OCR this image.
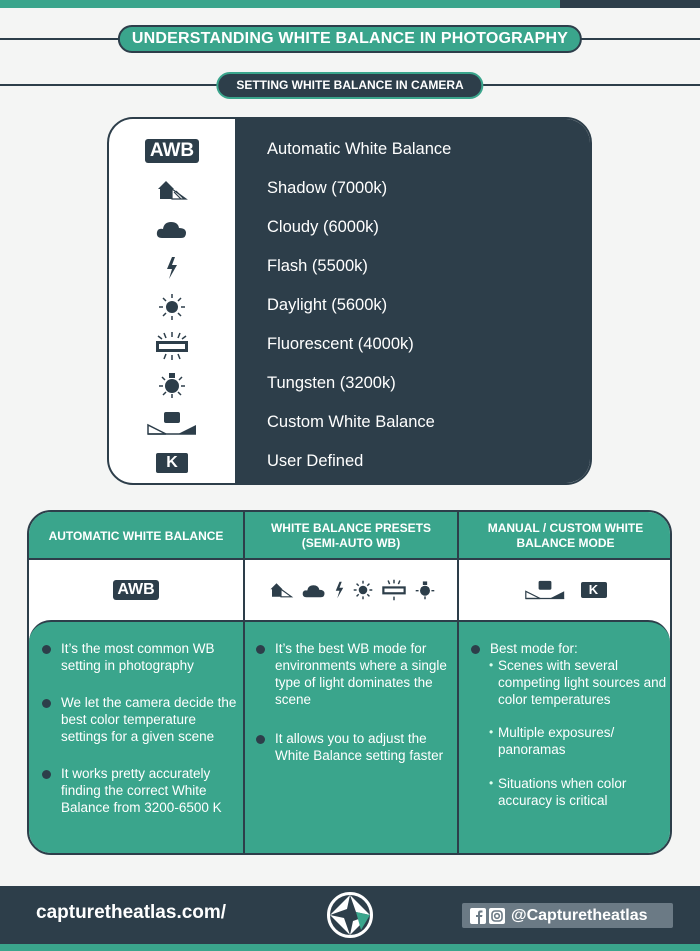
UNDERSTANDING WHITE BALANCE IN PHOTOGRAPHY
SETTING WHITE BALANCE IN CAMERA
AWB	Automatic White Balance
Shadow (7000k)
Cloudy (6000k)
Flash (5500k)
Daylight (5600k)
Fluorescent (4000k)
Tungsten (3200k)
Custom White Balance
K	User Defined
AUTOMATIC WHITE BALANCE
WHITE BALANCE PRESETS (SEMI-AUTO WB)
MANUAL / CUSTOM WHITE BALANCE MODE
AWB	K
It’s the most common WB setting in photography
We let the camera decide the best color temperature settings for a given scene
It works pretty accurately finding the correct White Balance from 3200-6500 K
It’s the best WB mode for environments where a single type of light dominates the scene
It allows you to adjust the White Balance setting faster
Best mode for:
• Scenes with several competing light sources and color temperatures
• Multiple exposures/ panoramas
• Situations when color accuracy is critical
capturetheatlas.com/	@Capturetheatlas
